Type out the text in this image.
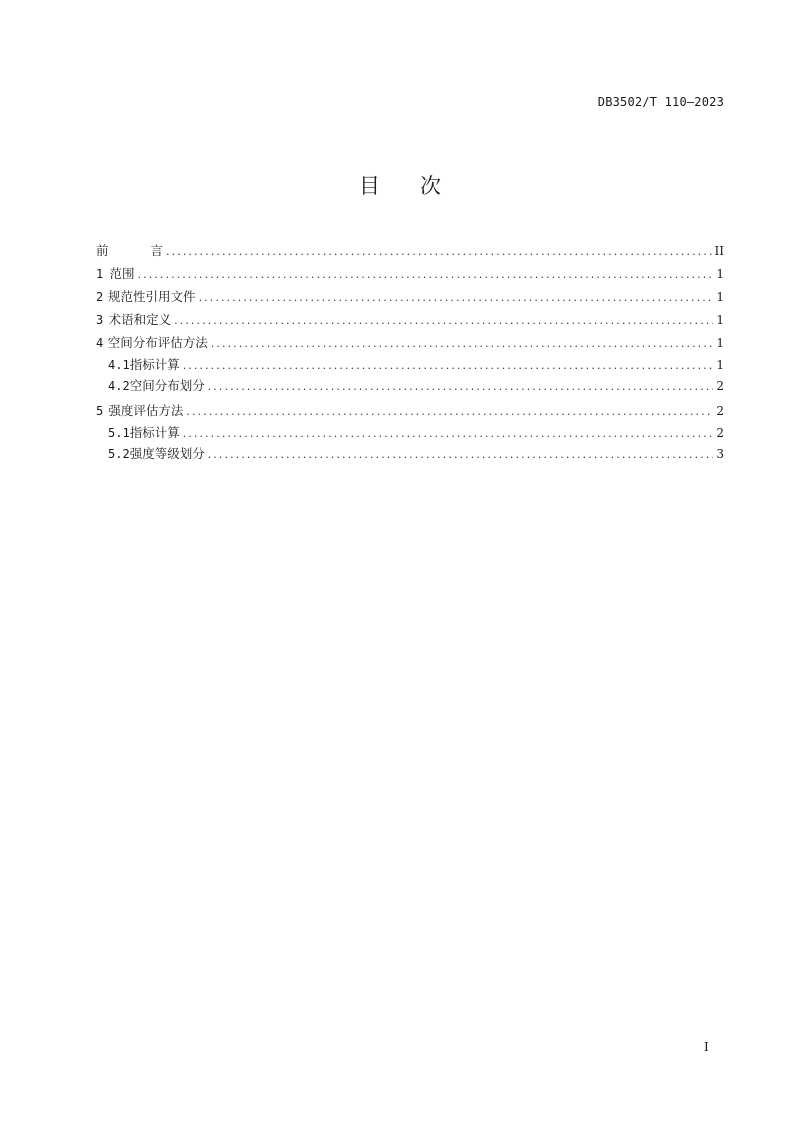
DB3502/T 110—2023
目次
前 言 .....	II
1 范围 .....	1
2 规范性引用文件 .....	1
3 术语和定义 .....	1
4 空间分布评估方法 .....	1
4.1 指标计算 .....	1
4.2 空间分布划分 .....	2
5 强度评估方法 .....	2
5.1 指标计算 .....	2
5.2 强度等级划分 .....	3
I
